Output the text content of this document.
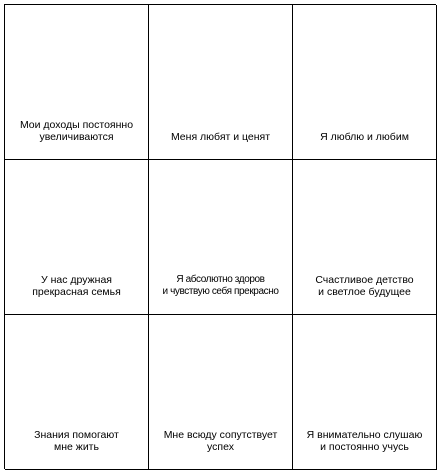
Мои доходы постоянно
увеличиваются	Меня любят и ценят	Я люблю и любим
У нас дружная
прекрасная семья
Я абсолютно здоров
и чувствую себя прекрасно
Счастливое детство
и светлое будущее
Знания помогают
мне жить
Мне всюду сопутствует
успех
Я внимательно слушаю
и постоянно учусь
